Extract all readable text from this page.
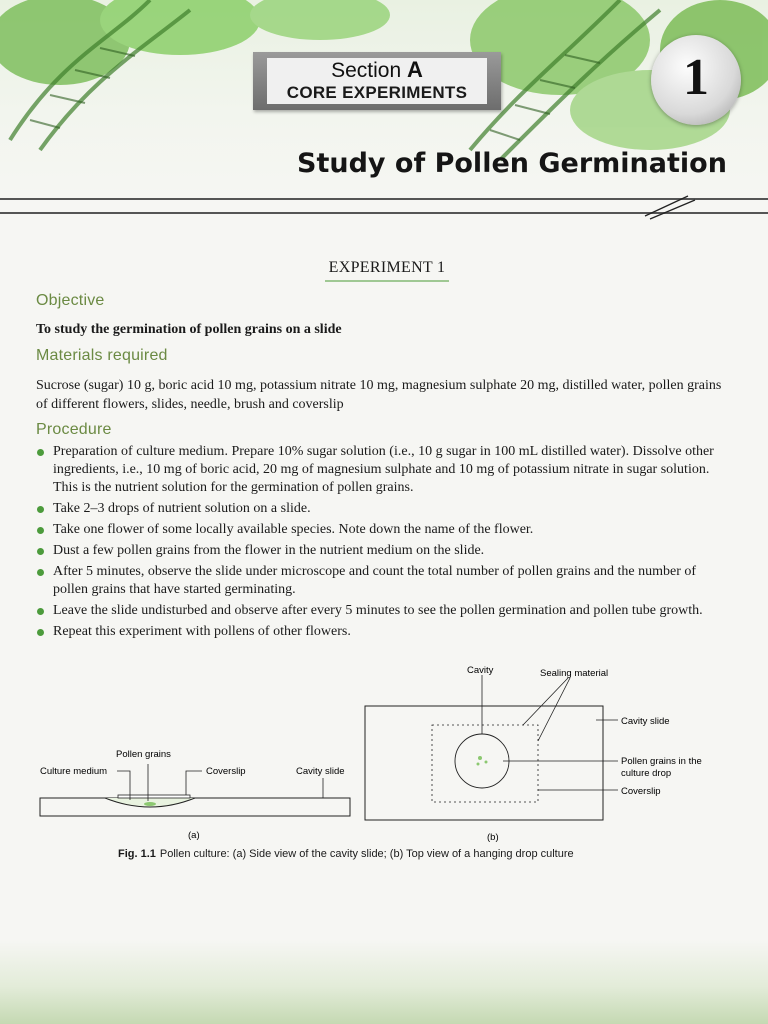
Section A
CORE EXPERIMENTS	1
Study of Pollen Germination
EXPERIMENT 1
Objective
To study the germination of pollen grains on a slide
Materials required
Sucrose (sugar) 10 g, boric acid 10 mg, potassium nitrate 10 mg, magnesium sulphate 20 mg, distilled water, pollen grains of different flowers, slides, needle, brush and coverslip
Procedure
Preparation of culture medium. Prepare 10% sugar solution (i.e., 10 g sugar in 100 mL distilled water). Dissolve other ingredients, i.e., 10 mg of boric acid, 20 mg of magnesium sulphate and 10 mg of potassium nitrate in sugar solution. This is the nutrient solution for the germination of pollen grains.
Take 2–3 drops of nutrient solution on a slide.
Take one flower of some locally available species. Note down the name of the flower.
Dust a few pollen grains from the flower in the nutrient medium on the slide.
After 5 minutes, observe the slide under microscope and count the total number of pollen grains and the number of pollen grains that have started germinating.
Leave the slide undisturbed and observe after every 5 minutes to see the pollen germination and pollen tube growth.
Repeat this experiment with pollens of other flowers.
Pollen grains
Culture medium	Coverslip	Cavity slide
(a)
Cavity	Sealing material
Cavity slide
Pollen grains in the
culture drop
Coverslip
(b)
Fig. 1.1 Pollen culture: (a) Side view of the cavity slide; (b) Top view of a hanging drop culture
